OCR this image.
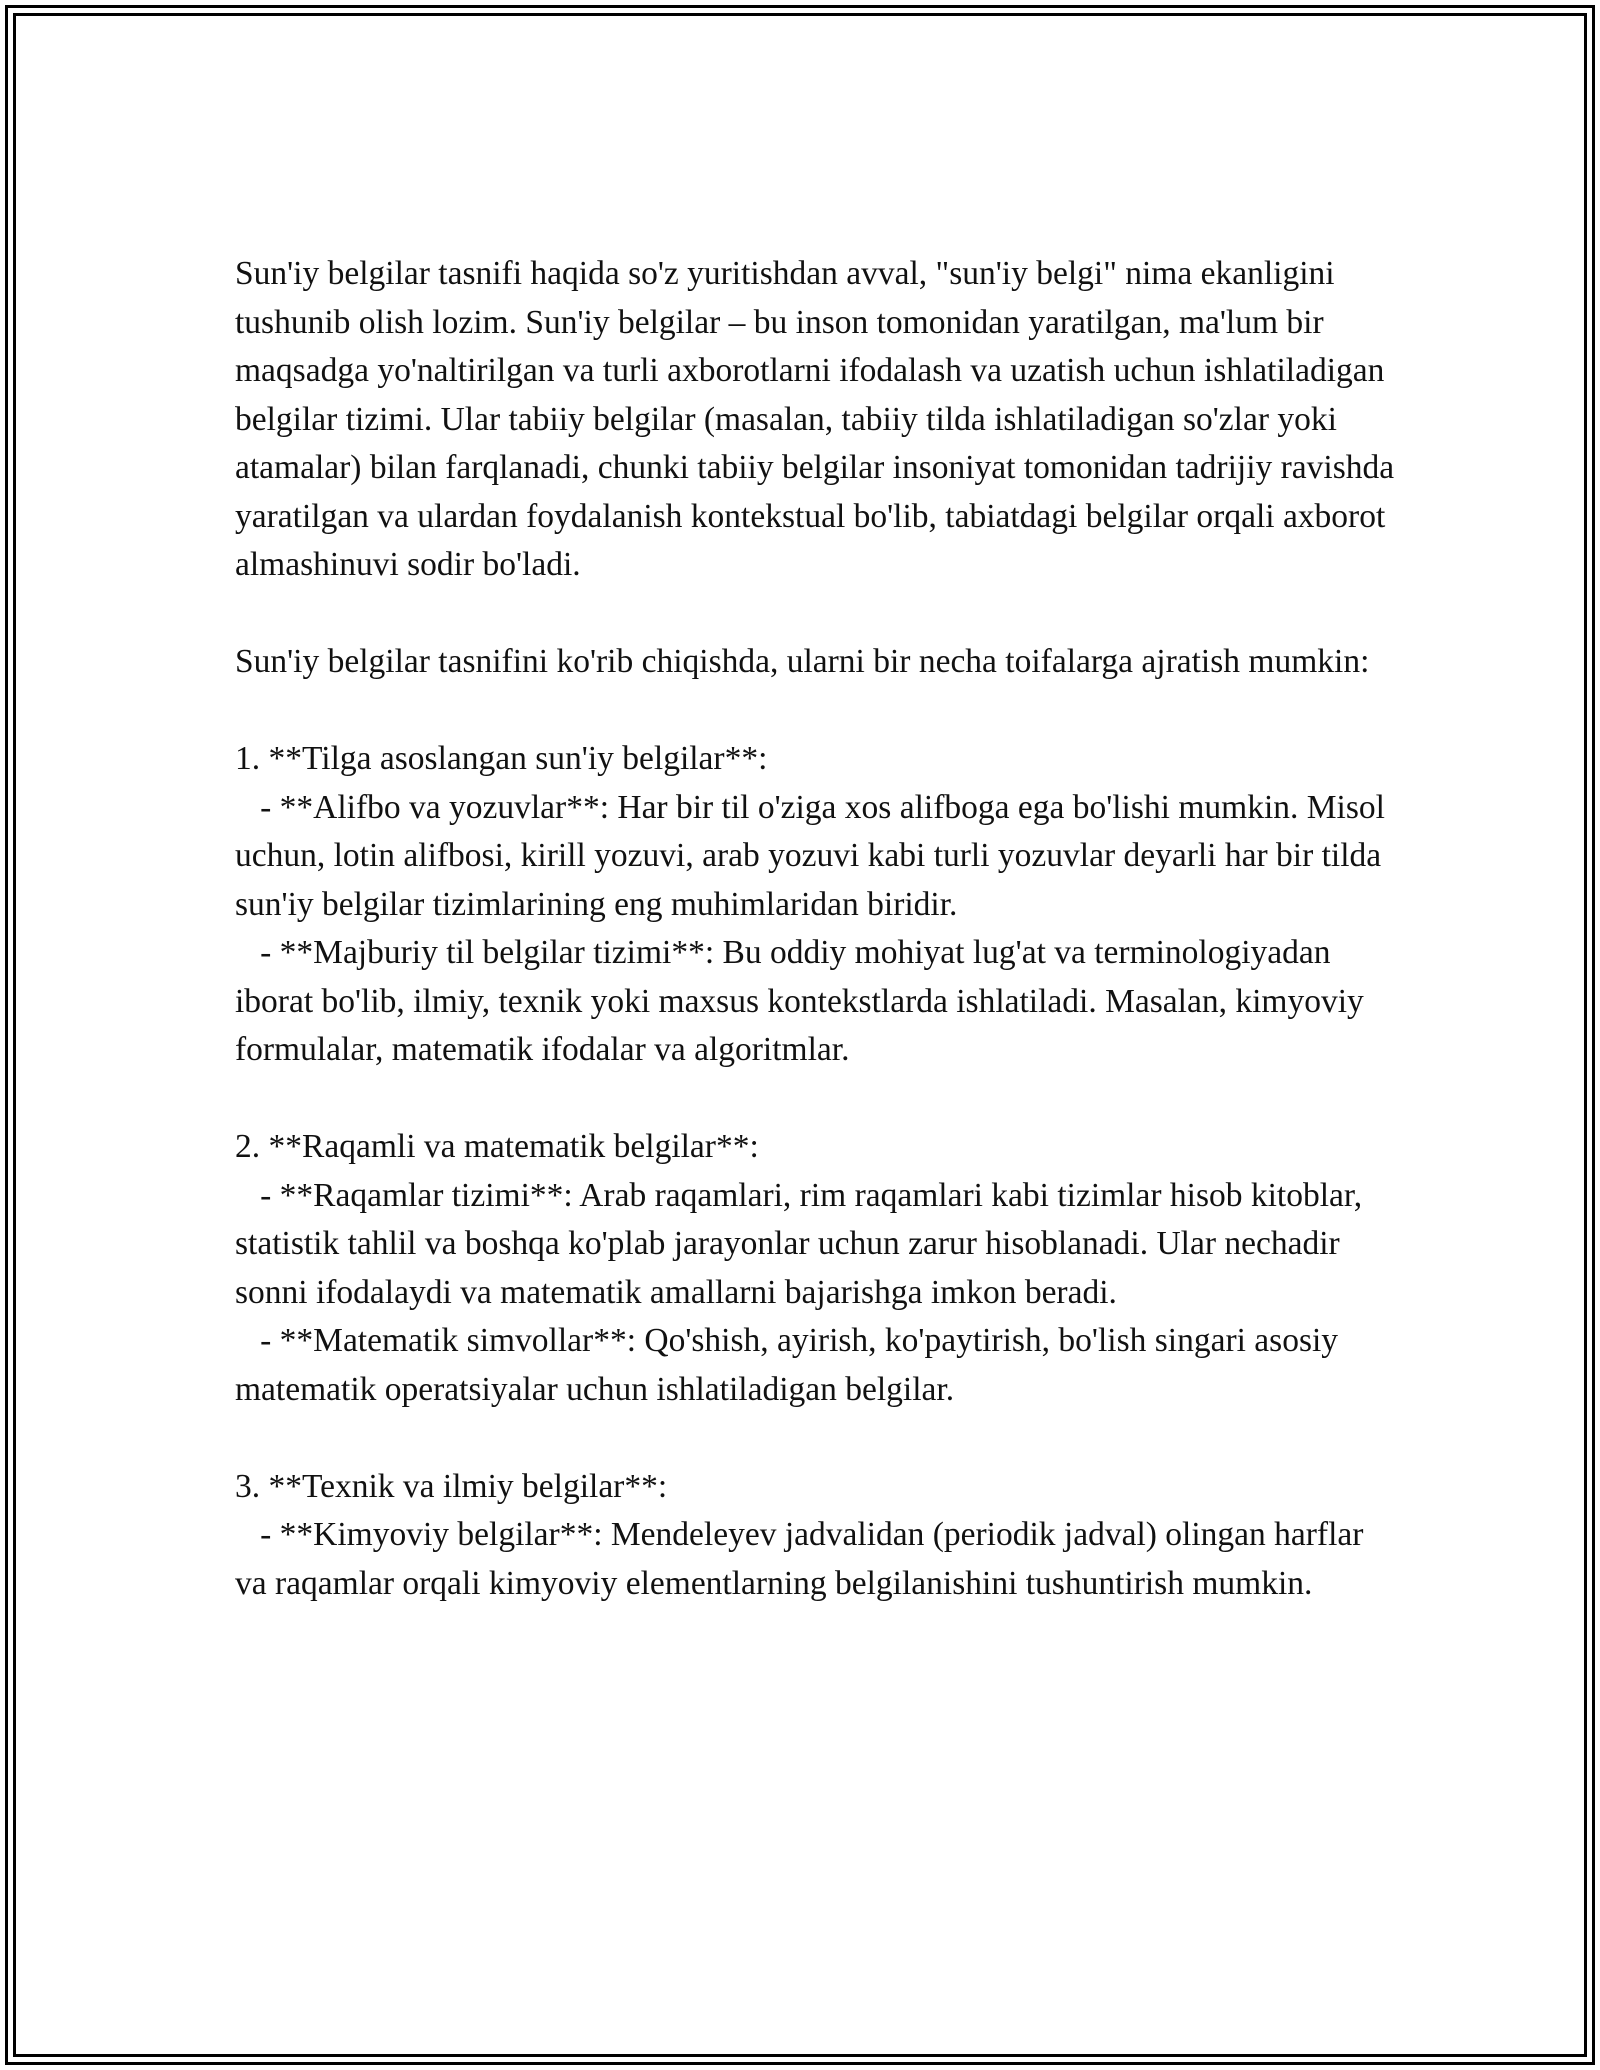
Sun'iy belgilar tasnifi haqida so'z yuritishdan avval, "sun'iy belgi" nima ekanligini tushunib olish lozim. Sun'iy belgilar – bu inson tomonidan yaratilgan, ma'lum bir maqsadga yo'naltirilgan va turli axborotlarni ifodalash va uzatish uchun ishlatiladigan belgilar tizimi. Ular tabiiy belgilar (masalan, tabiiy tilda ishlatiladigan so'zlar yoki atamalar) bilan farqlanadi, chunki tabiiy belgilar insoniyat tomonidan tadrijiy ravishda yaratilgan va ulardan foydalanish kontekstual bo'lib, tabiatdagi belgilar orqali axborot almashinuvi sodir bo'ladi.

Sun'iy belgilar tasnifini ko'rib chiqishda, ularni bir necha toifalarga ajratish mumkin:

1. **Tilga asoslangan sun'iy belgilar**:
- **Alifbo va yozuvlar**: Har bir til o'ziga xos alifboga ega bo'lishi mumkin. Misol uchun, lotin alifbosi, kirill yozuvi, arab yozuvi kabi turli yozuvlar deyarli har bir tilda sun'iy belgilar tizimlarining eng muhimlaridan biridir.
- **Majburiy til belgilar tizimi**: Bu oddiy mohiyat lug'at va terminologiyadan iborat bo'lib, ilmiy, texnik yoki maxsus kontekstlarda ishlatiladi. Masalan, kimyoviy formulalar, matematik ifodalar va algoritmlar.

2. **Raqamli va matematik belgilar**:
- **Raqamlar tizimi**: Arab raqamlari, rim raqamlari kabi tizimlar hisob kitoblar, statistik tahlil va boshqa ko'plab jarayonlar uchun zarur hisoblanadi. Ular nechadir sonni ifodalaydi va matematik amallarni bajarishga imkon beradi.
- **Matematik simvollar**: Qo'shish, ayirish, ko'paytirish, bo'lish singari asosiy matematik operatsiyalar uchun ishlatiladigan belgilar.

3. **Texnik va ilmiy belgilar**:
- **Kimyoviy belgilar**: Mendeleyev jadvalidan (periodik jadval) olingan harflar va raqamlar orqali kimyoviy elementlarning belgilanishini tushuntirish mumkin.
